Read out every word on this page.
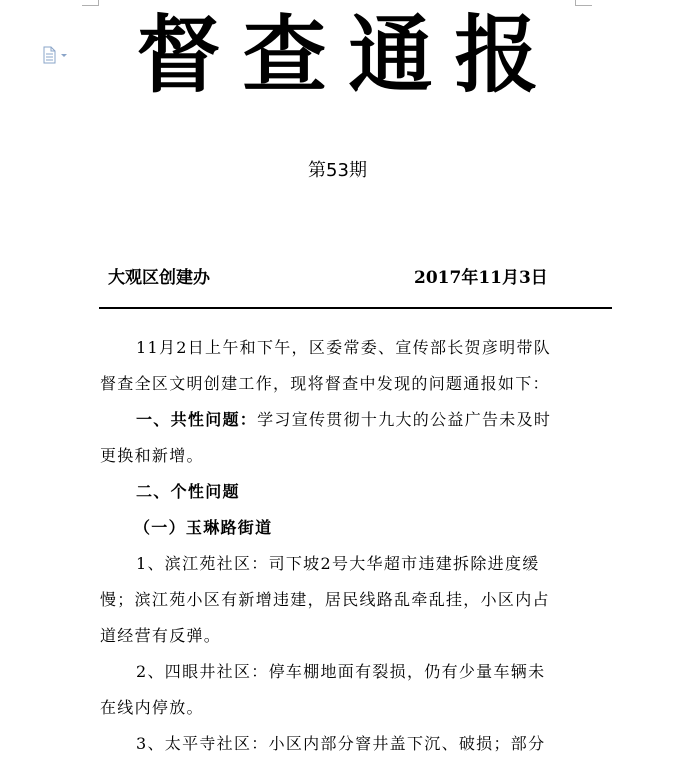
督查通报
第53期
大观区创建办	2017年11月3日

11月2日上午和下午，区委常委、宣传部长贺彦明带队

督查全区文明创建工作，现将督查中发现的问题通报如下：

一、共性问题：学习宣传贯彻十九大的公益广告未及时

更换和新增。

二、个性问题

（一）玉琳路街道

1、滨江苑社区：司下坡2号大华超市违建拆除进度缓

慢；滨江苑小区有新增违建，居民线路乱牵乱挂，小区内占

道经营有反弹。

2、四眼井社区：停车棚地面有裂损，仍有少量车辆未

在线内停放。

3、太平寺社区：小区内部分窨井盖下沉、破损；部分
